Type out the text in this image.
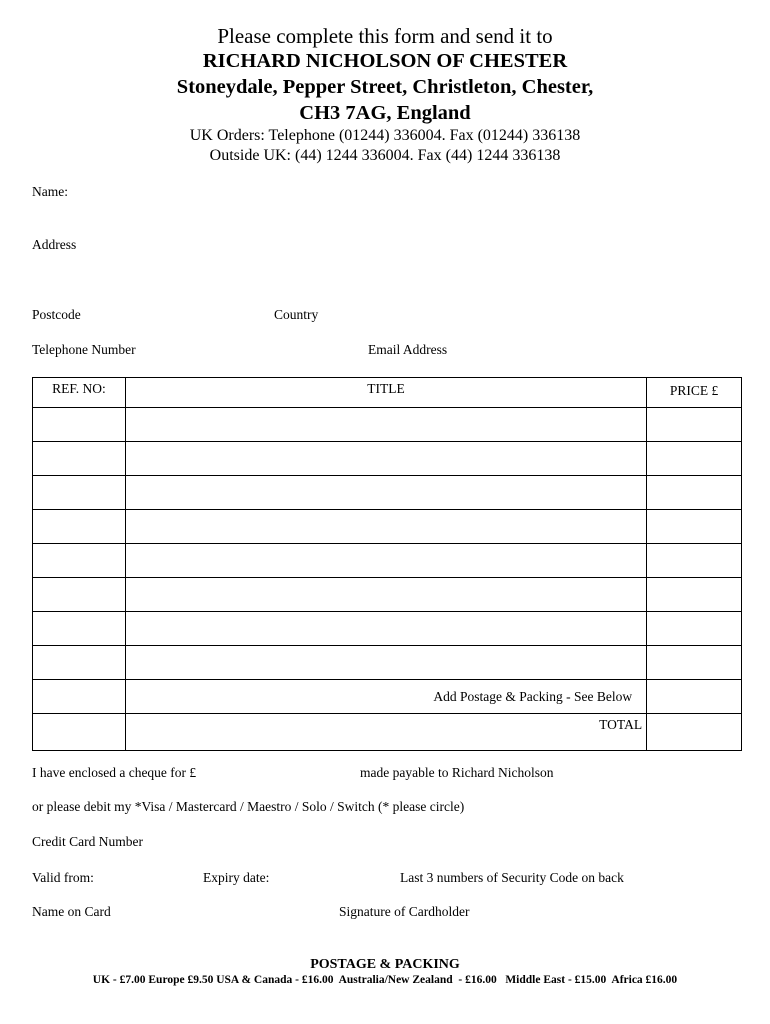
Please complete this form and send it to
RICHARD NICHOLSON OF CHESTER
Stoneydale, Pepper Street, Christleton, Chester,
CH3 7AG, England
UK Orders: Telephone (01244) 336004. Fax (01244) 336138
Outside UK: (44) 1244 336004. Fax (44) 1244 336138
Name:
Address
Postcode	Country
Telephone Number	Email Address
REF. NO:	TITLE	PRICE £

	Add Postage & Packing - See Below	
	TOTAL	
I have enclosed a cheque for £	made payable to Richard Nicholson
or please debit my *Visa / Mastercard / Maestro / Solo / Switch (* please circle)
Credit Card Number
Valid from:	Expiry date:	Last 3 numbers of Security Code on back
Name on Card	Signature of Cardholder
POSTAGE & PACKING
UK - £7.00 Europe £9.50 USA & Canada - £16.00  Australia/New Zealand  - £16.00   Middle East - £15.00  Africa £16.00
